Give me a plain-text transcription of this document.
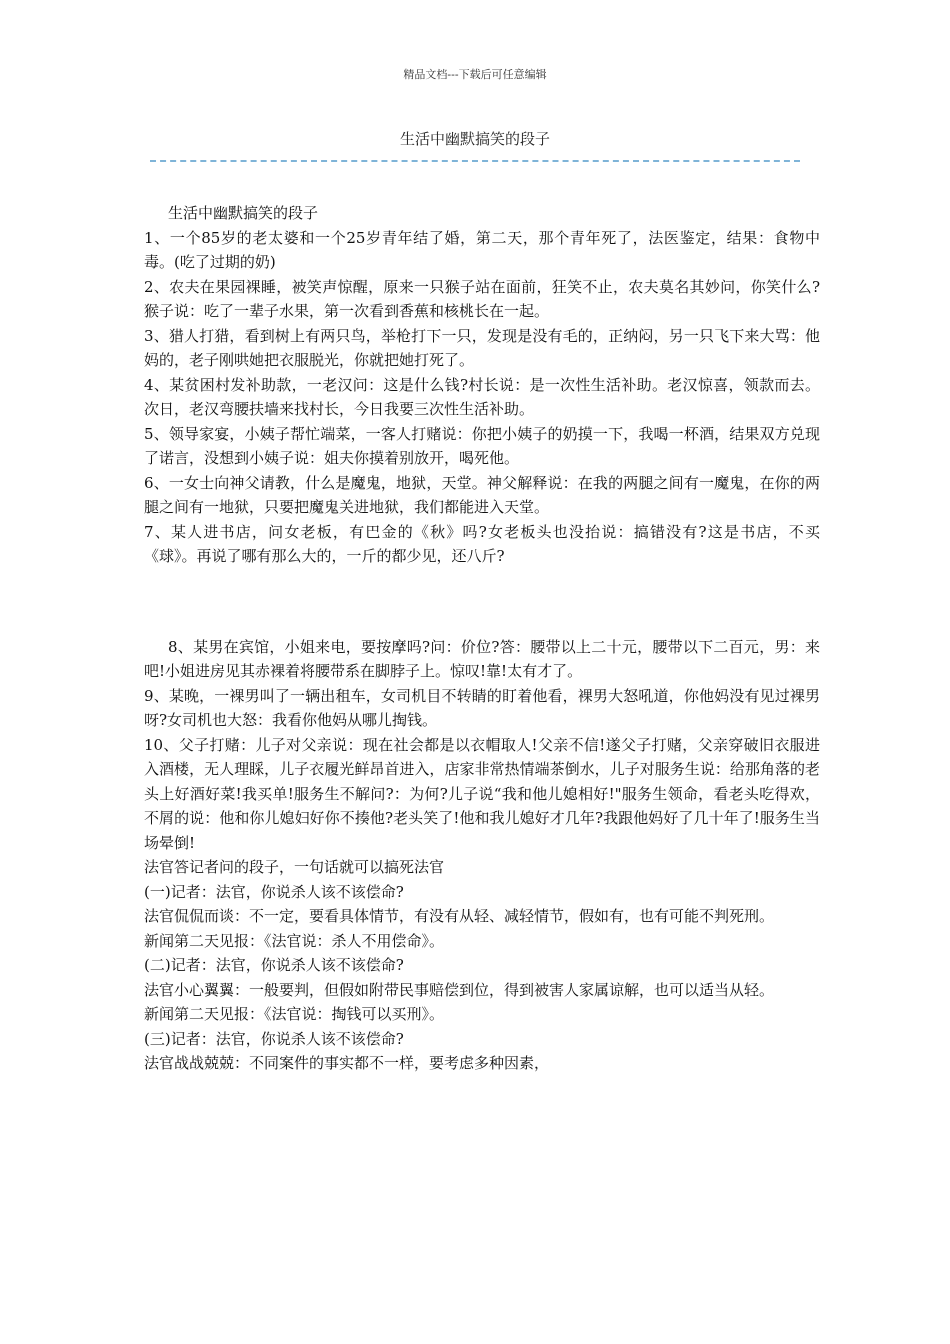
精品文档---下载后可任意编辑
生活中幽默搞笑的段子

生活中幽默搞笑的段子

1、一个85岁的老太婆和一个25岁青年结了婚，第二天，那个青年死了，法医鉴定，结果：食物中毒。(吃了过期的奶)

2、农夫在果园裸睡，被笑声惊醒，原来一只猴子站在面前，狂笑不止，农夫莫名其妙问，你笑什么?猴子说：吃了一辈子水果，第一次看到香蕉和核桃长在一起。

3、猎人打猎，看到树上有两只鸟，举枪打下一只，发现是没有毛的，正纳闷，另一只飞下来大骂：他妈的，老子刚哄她把衣服脱光，你就把她打死了。

4、某贫困村发补助款，一老汉问：这是什么钱?村长说：是一次性生活补助。老汉惊喜，领款而去。次日，老汉弯腰扶墙来找村长，今日我要三次性生活补助。

5、领导家宴，小姨子帮忙端菜，一客人打赌说：你把小姨子的奶摸一下，我喝一杯酒，结果双方兑现了诺言，没想到小姨子说：姐夫你摸着别放开，喝死他。

6、一女士向神父请教，什么是魔鬼，地狱，天堂。神父解释说：在我的两腿之间有一魔鬼，在你的两腿之间有一地狱，只要把魔鬼关进地狱，我们都能进入天堂。

7、某人进书店，问女老板，有巴金的《秋》吗?女老板头也没抬说：搞错没有?这是书店，不买《球》。再说了哪有那么大的，一斤的都少见，还八斤?

8、某男在宾馆，小姐来电，要按摩吗?问：价位?答：腰带以上二十元，腰带以下二百元，男：来吧!小姐进房见其赤裸着将腰带系在脚脖子上。惊叹!靠!太有才了。

9、某晚，一裸男叫了一辆出租车，女司机目不转睛的盯着他看，裸男大怒吼道，你他妈没有见过裸男呀?女司机也大怒：我看你他妈从哪儿掏钱。

10、父子打赌：儿子对父亲说：现在社会都是以衣帽取人!父亲不信!遂父子打赌，父亲穿破旧衣服进入酒楼，无人理睬，儿子衣履光鲜昂首进入，店家非常热情端茶倒水，儿子对服务生说：给那角落的老头上好酒好菜!我买单!服务生不解问?：为何?儿子说“我和他儿媳相好!"服务生领命，看老头吃得欢，不屑的说：他和你儿媳妇好你不揍他?老头笑了!他和我儿媳好才几年?我跟他妈好了几十年了!服务生当场晕倒!

法官答记者问的段子，一句话就可以搞死法官

(一)记者：法官，你说杀人该不该偿命?

法官侃侃而谈：不一定，要看具体情节，有没有从轻、减轻情节，假如有，也有可能不判死刑。

新闻第二天见报：《法官说：杀人不用偿命》。

(二)记者：法官，你说杀人该不该偿命?

法官小心翼翼：一般要判，但假如附带民事赔偿到位，得到被害人家属谅解，也可以适当从轻。

新闻第二天见报：《法官说：掏钱可以买刑》。

(三)记者：法官，你说杀人该不该偿命?

法官战战兢兢：不同案件的事实都不一样，要考虑多种因素，
